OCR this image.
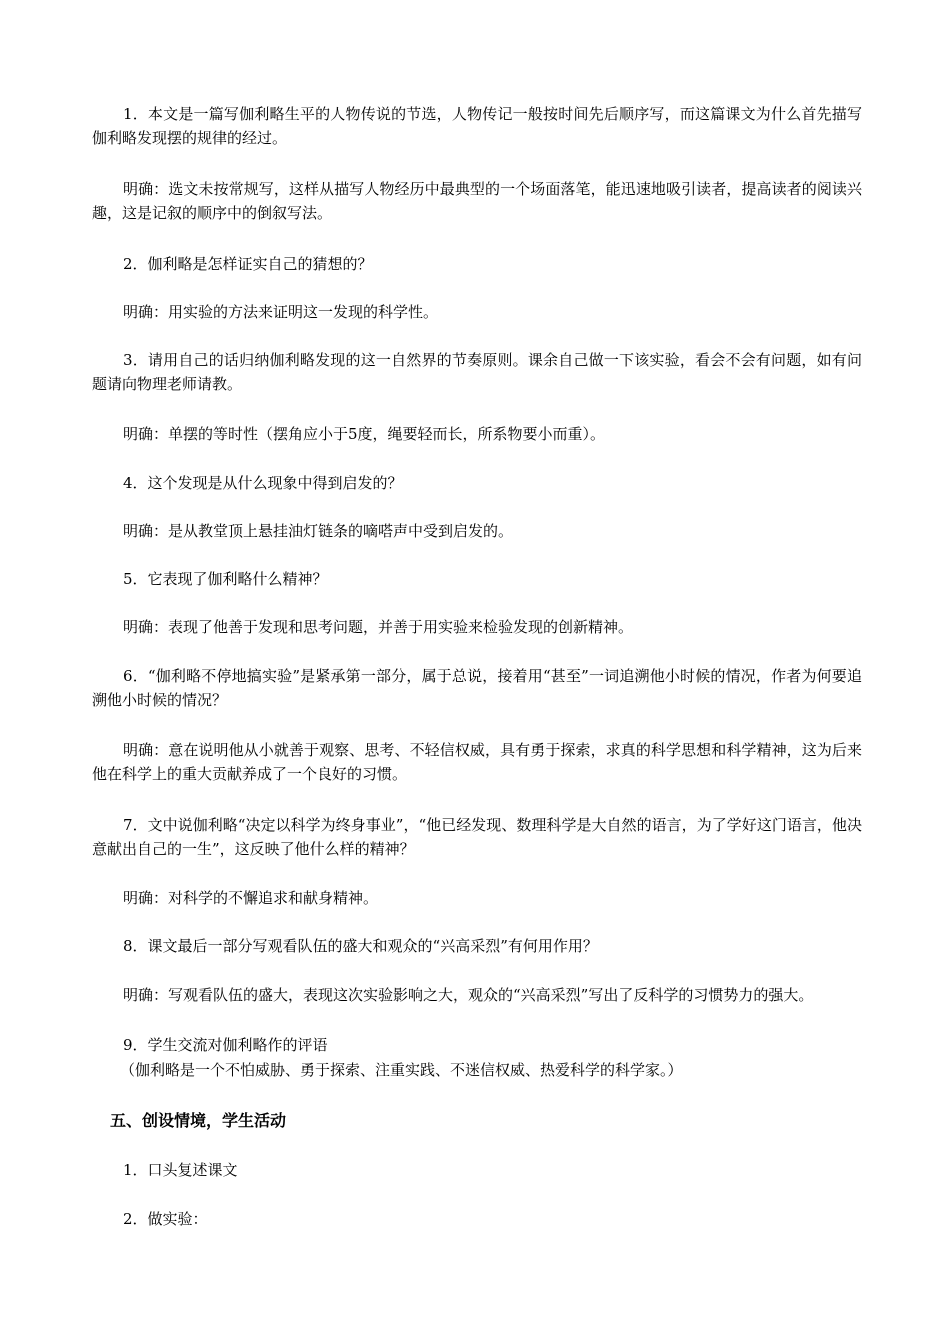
1．本文是一篇写伽利略生平的人物传说的节选，人物传记一般按时间先后顺序写，而这篇课文为什么首先描写伽利略发现摆的规律的经过。

明确：选文未按常规写，这样从描写人物经历中最典型的一个场面落笔，能迅速地吸引读者，提高读者的阅读兴趣，这是记叙的顺序中的倒叙写法。

2．伽利略是怎样证实自己的猜想的？

明确：用实验的方法来证明这一发现的科学性。

3．请用自己的话归纳伽利略发现的这一自然界的节奏原则。课余自己做一下该实验，看会不会有问题，如有问题请向物理老师请教。

明确：单摆的等时性（摆角应小于5度，绳要轻而长，所系物要小而重）。

4．这个发现是从什么现象中得到启发的？

明确：是从教堂顶上悬挂油灯链条的嘀嗒声中受到启发的。

5．它表现了伽利略什么精神？

明确：表现了他善于发现和思考问题，并善于用实验来检验发现的创新精神。

6．“伽利略不停地搞实验”是紧承第一部分，属于总说，接着用“甚至”一词追溯他小时候的情况，作者为何要追溯他小时候的情况？

明确：意在说明他从小就善于观察、思考、不轻信权威，具有勇于探索，求真的科学思想和科学精神，这为后来他在科学上的重大贡献养成了一个良好的习惯。

7．文中说伽利略“决定以科学为终身事业”，“他已经发现、数理科学是大自然的语言，为了学好这门语言，他决意献出自己的一生”，这反映了他什么样的精神？

明确：对科学的不懈追求和献身精神。

8．课文最后一部分写观看队伍的盛大和观众的“兴高采烈”有何用作用？

明确：写观看队伍的盛大，表现这次实验影响之大，观众的“兴高采烈”写出了反科学的习惯势力的强大。

9．学生交流对伽利略作的评语

（伽利略是一个不怕威胁、勇于探索、注重实践、不迷信权威、热爱科学的科学家。）

五、创设情境，学生活动

1．口头复述课文

2．做实验：
